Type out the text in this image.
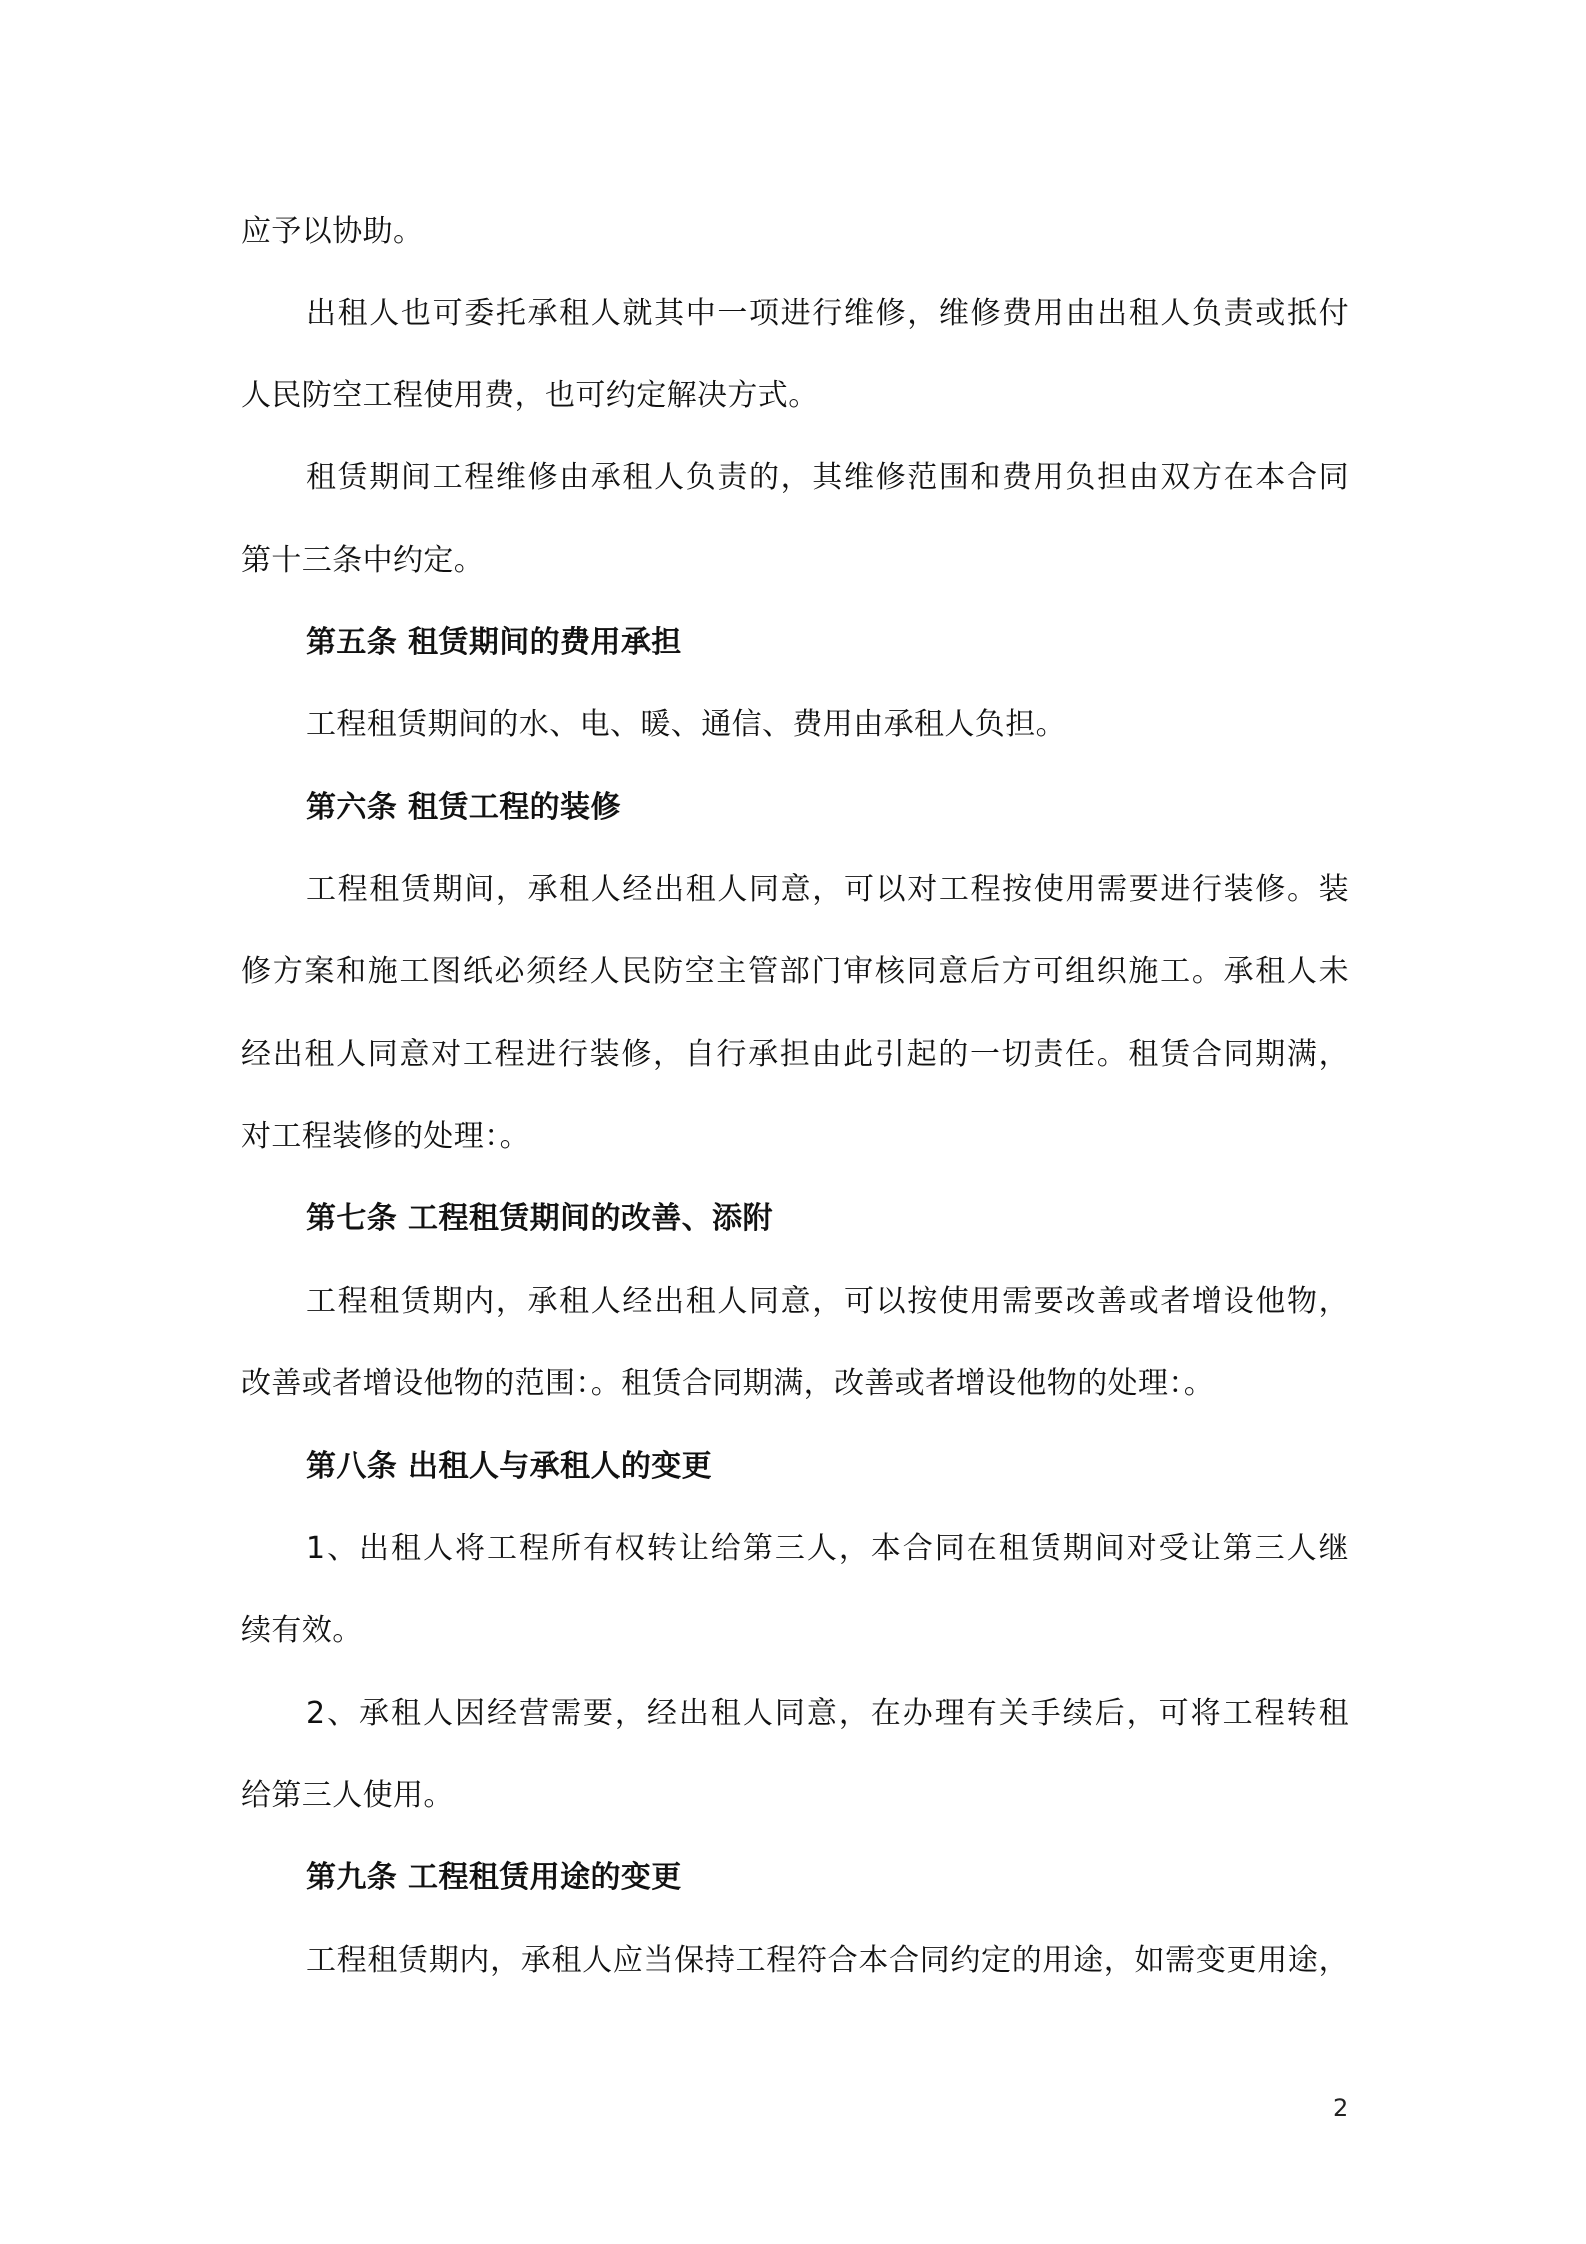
应予以协助。
出租人也可委托承租人就其中一项进行维修，维修费用由出租人负责或抵付
人民防空工程使用费，也可约定解决方式。
租赁期间工程维修由承租人负责的，其维修范围和费用负担由双方在本合同
第十三条中约定。
第五条 租赁期间的费用承担
工程租赁期间的水、电、暖、通信、费用由承租人负担。
第六条 租赁工程的装修
工程租赁期间，承租人经出租人同意，可以对工程按使用需要进行装修。装
修方案和施工图纸必须经人民防空主管部门审核同意后方可组织施工。承租人未
经出租人同意对工程进行装修，自行承担由此引起的一切责任。租赁合同期满，
对工程装修的处理：。
第七条 工程租赁期间的改善、添附
工程租赁期内，承租人经出租人同意，可以按使用需要改善或者增设他物，
改善或者增设他物的范围：。租赁合同期满，改善或者增设他物的处理：。
第八条 出租人与承租人的变更
1、出租人将工程所有权转让给第三人，本合同在租赁期间对受让第三人继
续有效。
2、承租人因经营需要，经出租人同意，在办理有关手续后，可将工程转租
给第三人使用。
第九条 工程租赁用途的变更
工程租赁期内，承租人应当保持工程符合本合同约定的用途，如需变更用途，
2
